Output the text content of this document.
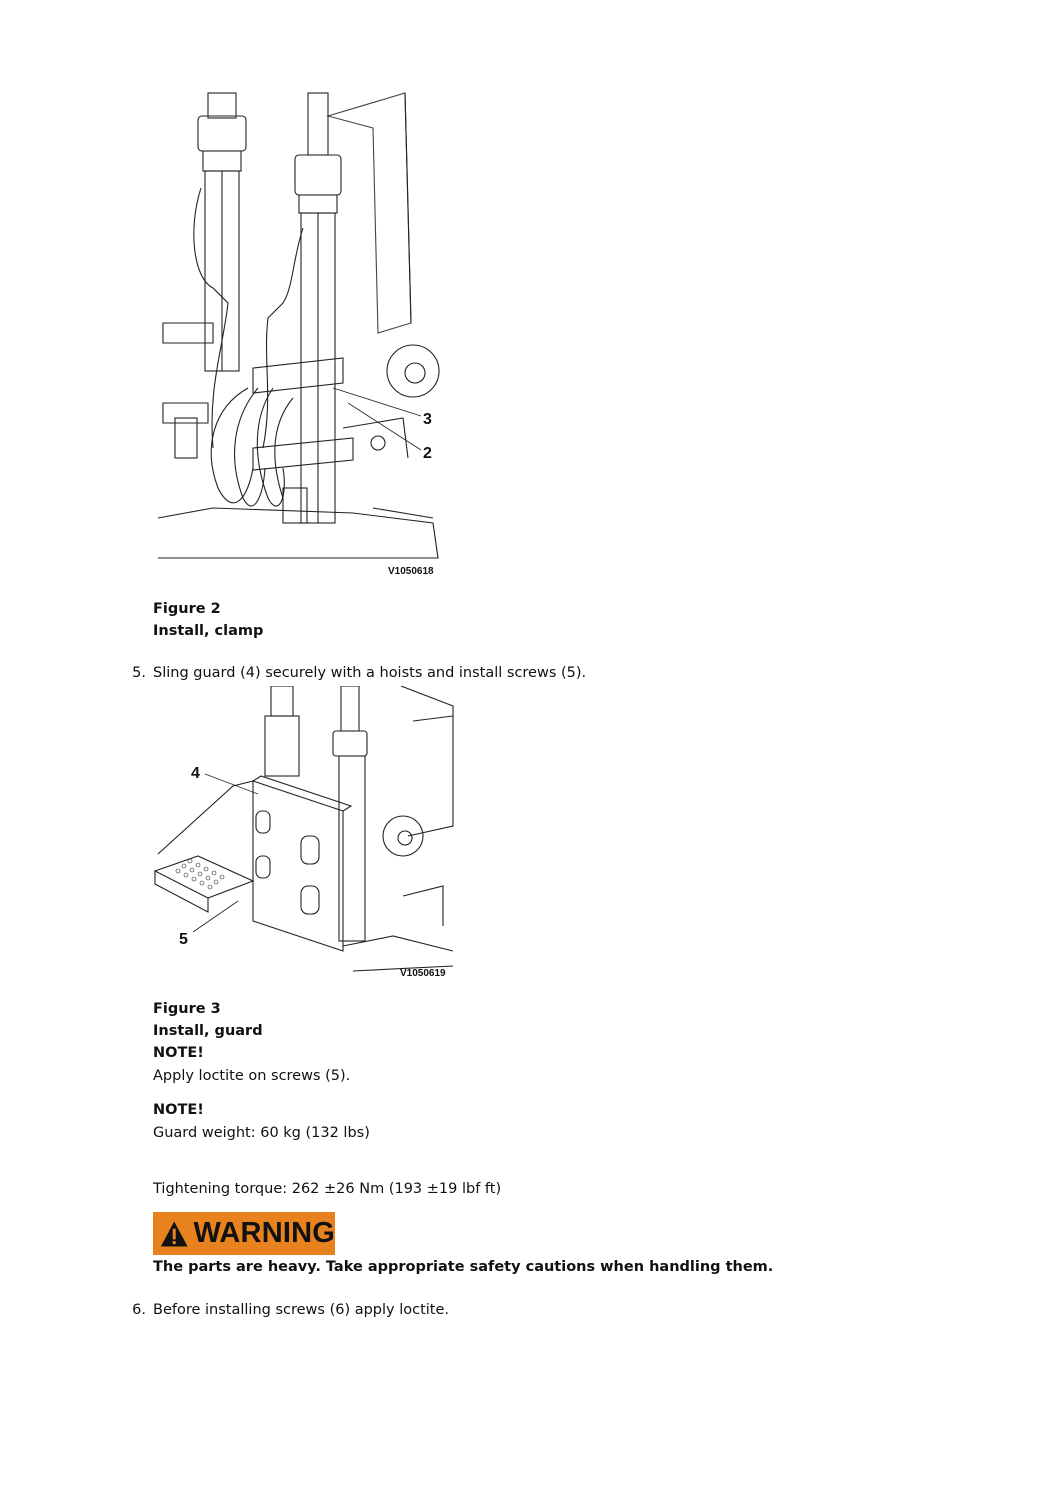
3
2
V1050618
Figure 2
Install, clamp
5. Sling guard (4) securely with a hoists and install screws (5).
4
5
V1050619
Figure 3
Install, guard
NOTE!
Apply loctite on screws (5).
NOTE!
Guard weight: 60 kg (132 lbs)
Tightening torque: 262 ±26 Nm (193 ±19 lbf ft)
WARNING
The parts are heavy. Take appropriate safety cautions when handling them.
6. Before installing screws (6) apply loctite.
